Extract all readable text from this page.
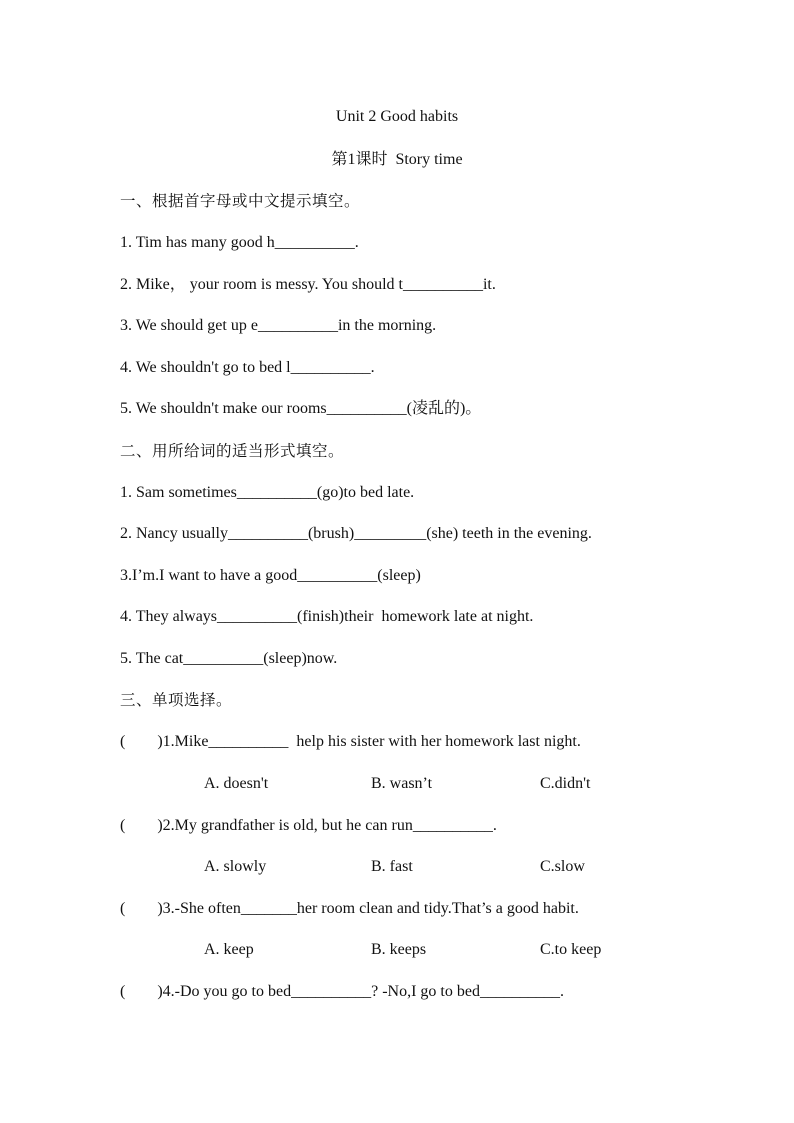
Unit 2 Good habits
第1课时  Story time
一、根据首字母或中文提示填空。
1. Tim has many good h__________.
2. Mike， your room is messy. You should t__________it.
3. We should get up e__________in the morning.
4. We shouldn't go to bed l__________.
5. We shouldn't make our rooms__________(凌乱的)。
二、用所给词的适当形式填空。
1. Sam sometimes__________(go)to bed late.
2. Nancy usually__________(brush)_________(she) teeth in the evening.
3.I’m.I want to have a good__________(sleep)
4. They always__________(finish)their  homework late at night.
5. The cat__________(sleep)now.
三、单项选择。
(        )1.Mike__________  help his sister with her homework last night.
A. doesn't	B. wasn’t	C.didn't
(        )2.My grandfather is old, but he can run__________.
A. slowly	B. fast	C.slow
(        )3.-She often_______her room clean and tidy.That’s a good habit.
A. keep	B. keeps	C.to keep
(        )4.-Do you go to bed__________? -No,I go to bed__________.
